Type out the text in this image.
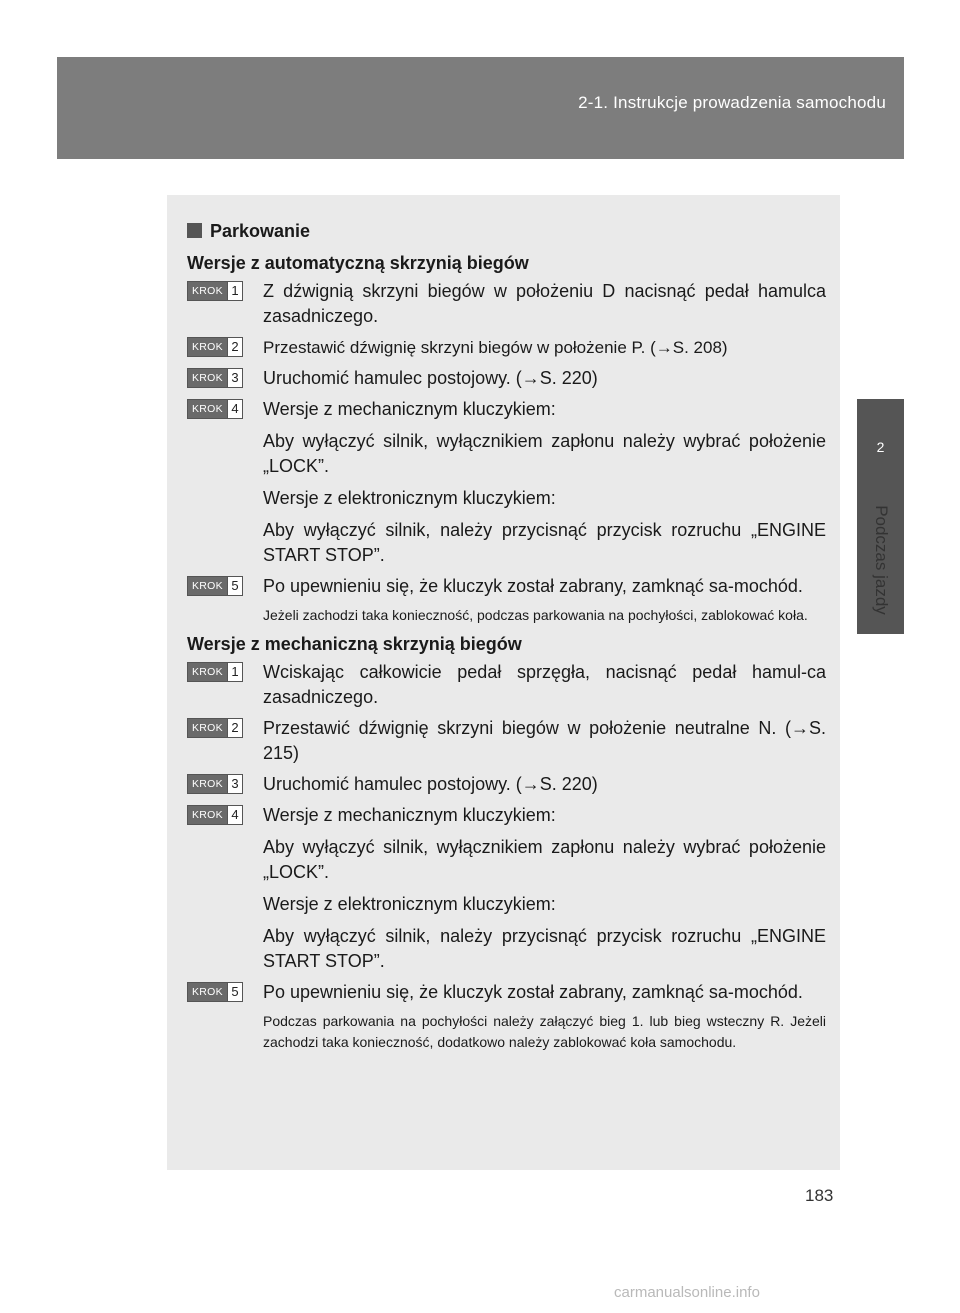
2-1. Instrukcje prowadzenia samochodu
2
Podczas jazdy
Parkowanie
Wersje z automatyczną skrzynią biegów
KROK 1 Z dźwignią skrzyni biegów w położeniu D nacisnąć pedał hamulca zasadniczego.

KROK 2 Przestawić dźwignię skrzyni biegów w położenie P. (→S. 208)

KROK 3 Uruchomić hamulec postojowy. (→S. 220)

KROK 4 Wersje z mechanicznym kluczykiem:

Aby wyłączyć silnik, wyłącznikiem zapłonu należy wybrać położenie „LOCK”.

Wersje z elektronicznym kluczykiem:

Aby wyłączyć silnik, należy przycisnąć przycisk rozruchu „ENGINE START STOP”.

KROK 5 Po upewnieniu się, że kluczyk został zabrany, zamknąć sa-mochód.

Jeżeli zachodzi taka konieczność, podczas parkowania na pochyłości, zablokować koła.

Wersje z mechaniczną skrzynią biegów
KROK 1 Wciskając całkowicie pedał sprzęgła, nacisnąć pedał hamul-ca zasadniczego.

KROK 2 Przestawić dźwignię skrzyni biegów w położenie neutralne N. (→S. 215)

KROK 3 Uruchomić hamulec postojowy. (→S. 220)

KROK 4 Wersje z mechanicznym kluczykiem:

Aby wyłączyć silnik, wyłącznikiem zapłonu należy wybrać położenie „LOCK”.

Wersje z elektronicznym kluczykiem:

Aby wyłączyć silnik, należy przycisnąć przycisk rozruchu „ENGINE START STOP”.

KROK 5 Po upewnieniu się, że kluczyk został zabrany, zamknąć sa-mochód.

Podczas parkowania na pochyłości należy załączyć bieg 1. lub bieg wsteczny R. Jeżeli zachodzi taka konieczność, dodatkowo należy zablokować koła samochodu.

183
carmanualsonline.info
